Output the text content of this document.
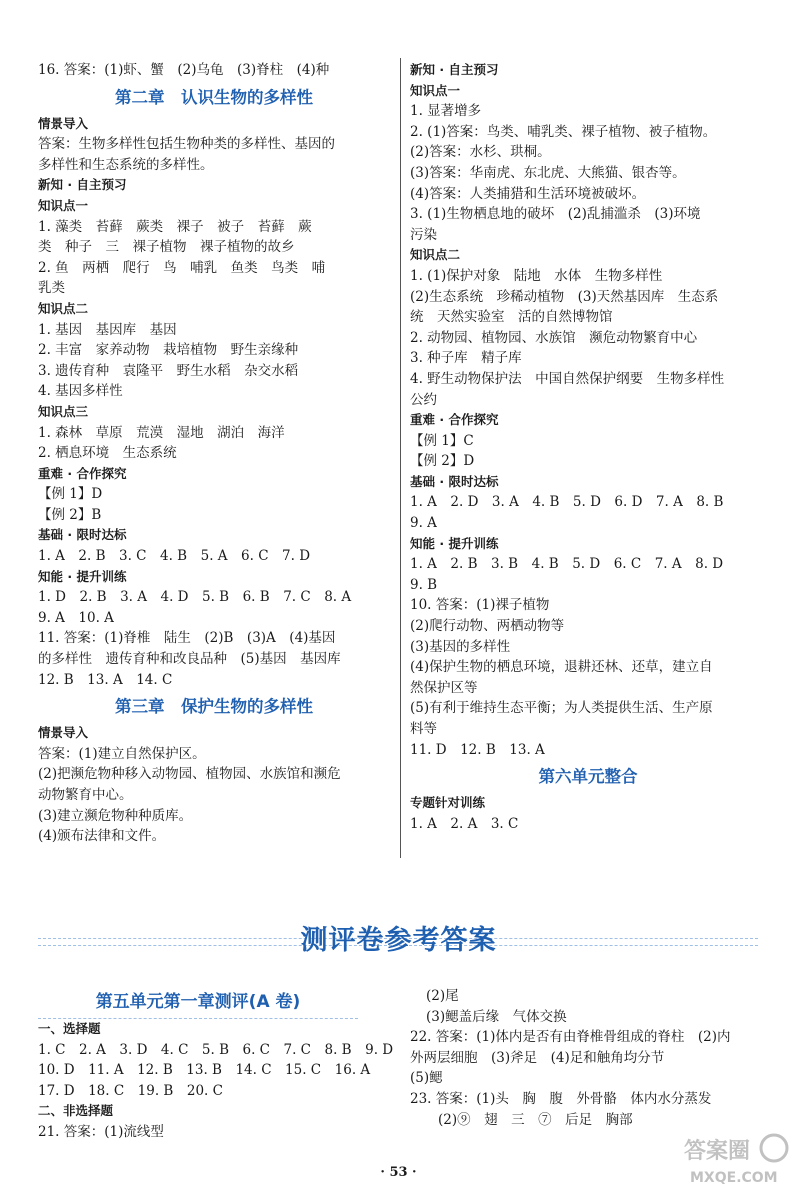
16. 答案：(1)虾、蟹　(2)乌龟　(3)脊柱　(4)种
第二章　认识生物的多样性
情景导入
答案：生物多样性包括生物种类的多样性、基因的
多样性和生态系统的多样性。
新知 · 自主预习
知识点一
1. 藻类　苔藓　蕨类　裸子　被子　苔藓　蕨
类　种子　三　裸子植物　裸子植物的故乡
2. 鱼　两栖　爬行　鸟　哺乳　鱼类　鸟类　哺
乳类
知识点二
1. 基因　基因库　基因
2. 丰富　家养动物　栽培植物　野生亲缘种
3. 遗传育种　袁隆平　野生水稻　杂交水稻
4. 基因多样性
知识点三
1. 森林　草原　荒漠　湿地　湖泊　海洋
2. 栖息环境　生态系统
重难 · 合作探究
【例 1】D
【例 2】B
基础 · 限时达标
1. A　2. B　3. C　4. B　5. A　6. C　7. D
知能 · 提升训练
1. D　2. B　3. A　4. D　5. B　6. B　7. C　8. A
9. A　10. A
11. 答案：(1)脊椎　陆生　(2)B　(3)A　(4)基因
的多样性　遗传育种和改良品种　(5)基因　基因库
12. B　13. A　14. C
第三章　保护生物的多样性
情景导入
答案：(1)建立自然保护区。
(2)把濒危物种移入动物园、植物园、水族馆和濒危
动物繁育中心。
(3)建立濒危物种种质库。
(4)颁布法律和文件。
新知 · 自主预习
知识点一
1. 显著增多
2. (1)答案：鸟类、哺乳类、裸子植物、被子植物。
(2)答案：水杉、珙桐。
(3)答案：华南虎、东北虎、大熊猫、银杏等。
(4)答案：人类捕猎和生活环境被破坏。
3. (1)生物栖息地的破坏　(2)乱捕滥杀　(3)环境
污染
知识点二
1. (1)保护对象　陆地　水体　生物多样性
(2)生态系统　珍稀动植物　(3)天然基因库　生态系
统　天然实验室　活的自然博物馆
2. 动物园、植物园、水族馆　濒危动物繁育中心
3. 种子库　精子库
4. 野生动物保护法　中国自然保护纲要　生物多样性
公约
重难 · 合作探究
【例 1】C
【例 2】D
基础 · 限时达标
1. A　2. D　3. A　4. B　5. D　6. D　7. A　8. B
9. A
知能 · 提升训练
1. A　2. B　3. B　4. B　5. D　6. C　7. A　8. D
9. B
10. 答案：(1)裸子植物
(2)爬行动物、两栖动物等
(3)基因的多样性
(4)保护生物的栖息环境，退耕还林、还草，建立自
然保护区等
(5)有利于维持生态平衡；为人类提供生活、生产原
料等
11. D　12. B　13. A
第六单元整合
专题针对训练
1. A　2. A　3. C
测评卷参考答案
第五单元第一章测评(A 卷)
一、选择题
1. C　2. A　3. D　4. C　5. B　6. C　7. C　8. B　9. D
10. D　11. A　12. B　13. B　14. C　15. C　16. A
17. D　18. C　19. B　20. C
二、非选择题
21. 答案：(1)流线型
(2)尾
(3)鳃盖后缘　气体交换
22. 答案：(1)体内是否有由脊椎骨组成的脊柱　(2)内
外两层细胞　(3)斧足　(4)足和触角均分节
(5)鳃
23. 答案：(1)头　胸　腹　外骨骼　体内水分蒸发
(2)⑨　翅　三　⑦　后足　胸部
· 53 ·
答案圈
MXQE.COM
